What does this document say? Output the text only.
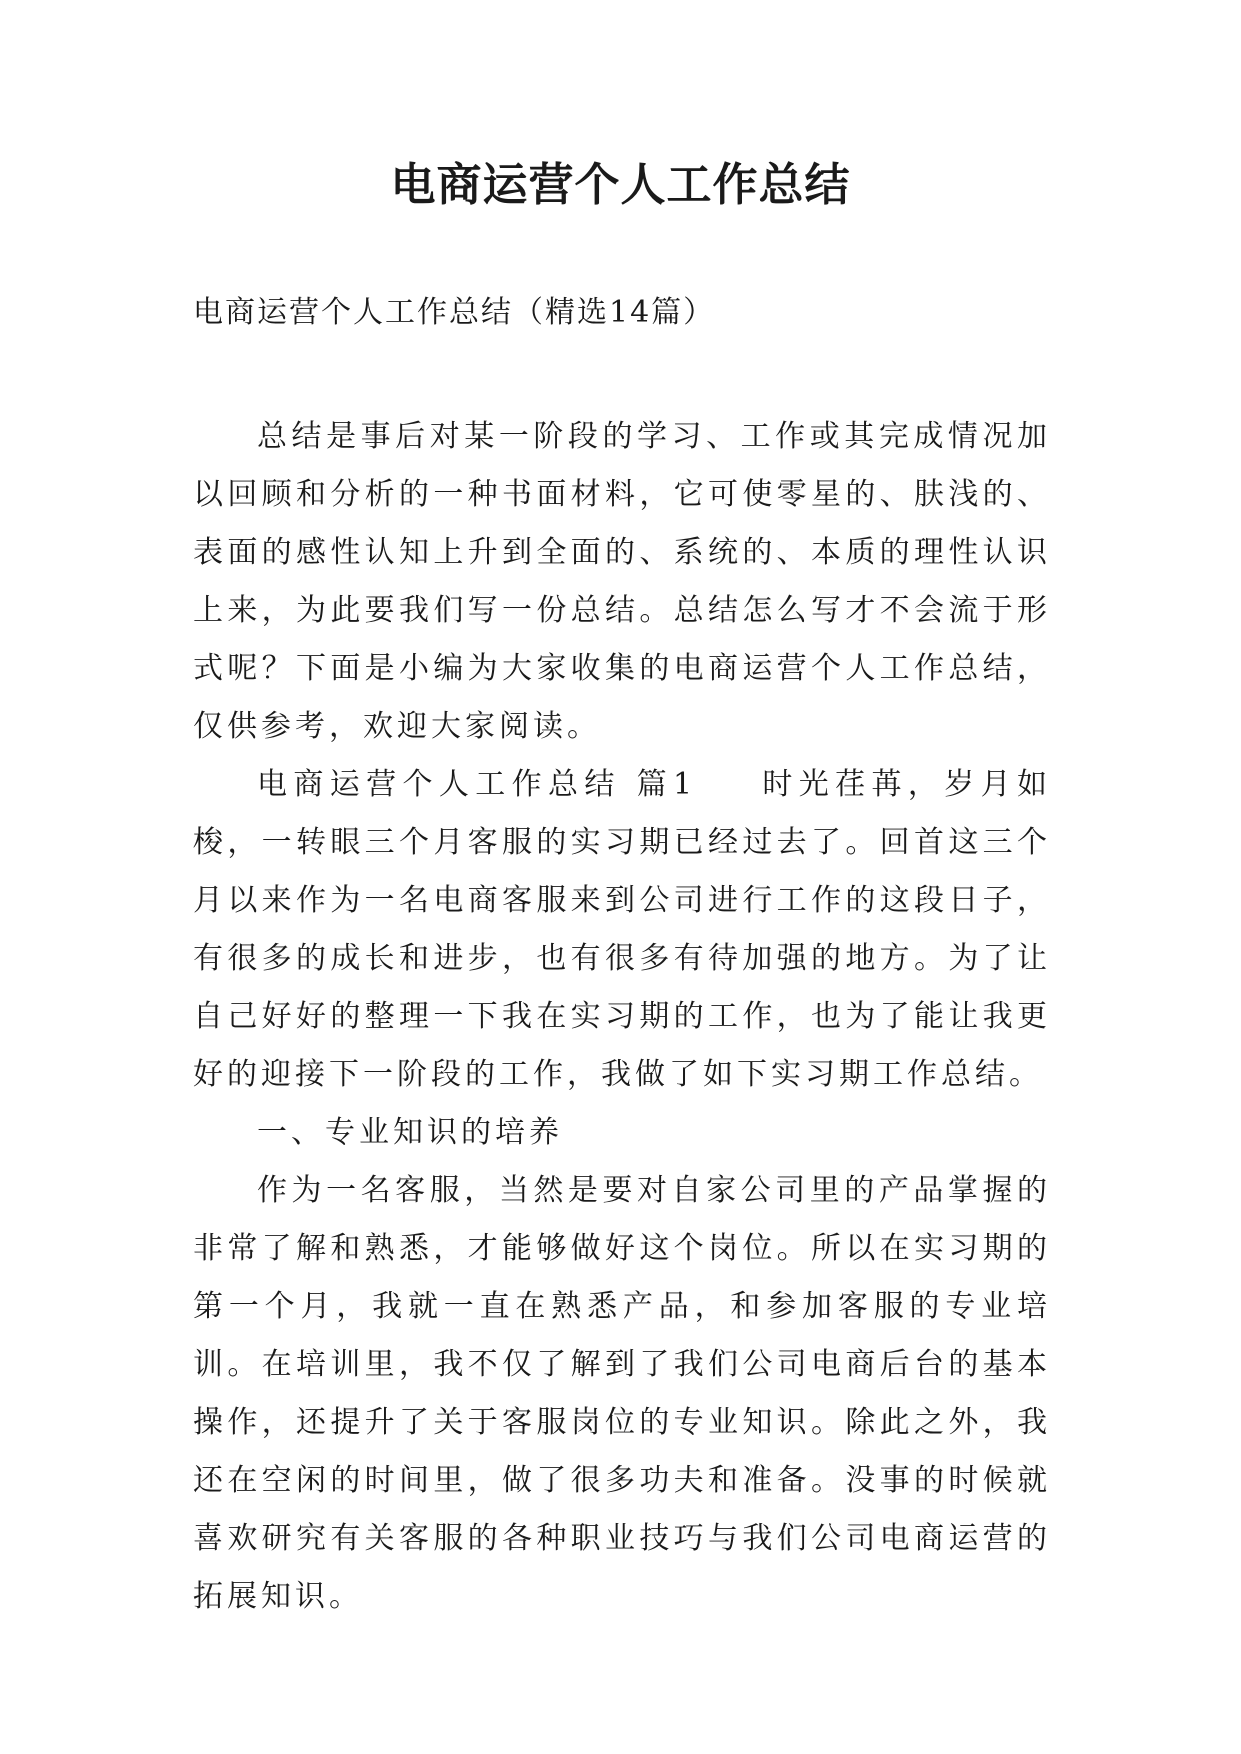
电商运营个人工作总结

电商运营个人工作总结（精选14篇）

总结是事后对某一阶段的学习、工作或其完成情况加以回顾和分析的一种书面材料，它可使零星的、肤浅的、表面的感性认知上升到全面的、系统的、本质的理性认识上来，为此要我们写一份总结。总结怎么写才不会流于形式呢？下面是小编为大家收集的电商运营个人工作总结，仅供参考，欢迎大家阅读。

电商运营个人工作总结 篇1 时光荏苒，岁月如梭，一转眼三个月客服的实习期已经过去了。回首这三个月以来作为一名电商客服来到公司进行工作的这段日子，有很多的成长和进步，也有很多有待加强的地方。为了让自己好好的整理一下我在实习期的工作，也为了能让我更好的迎接下一阶段的工作，我做了如下实习期工作总结。

一、专业知识的培养

作为一名客服，当然是要对自家公司里的产品掌握的非常了解和熟悉，才能够做好这个岗位。所以在实习期的第一个月，我就一直在熟悉产品，和参加客服的专业培训。在培训里，我不仅了解到了我们公司电商后台的基本操作，还提升了关于客服岗位的专业知识。除此之外，我还在空闲的时间里，做了很多功夫和准备。没事的时候就喜欢研究有关客服的各种职业技巧与我们公司电商运营的拓展知识。
